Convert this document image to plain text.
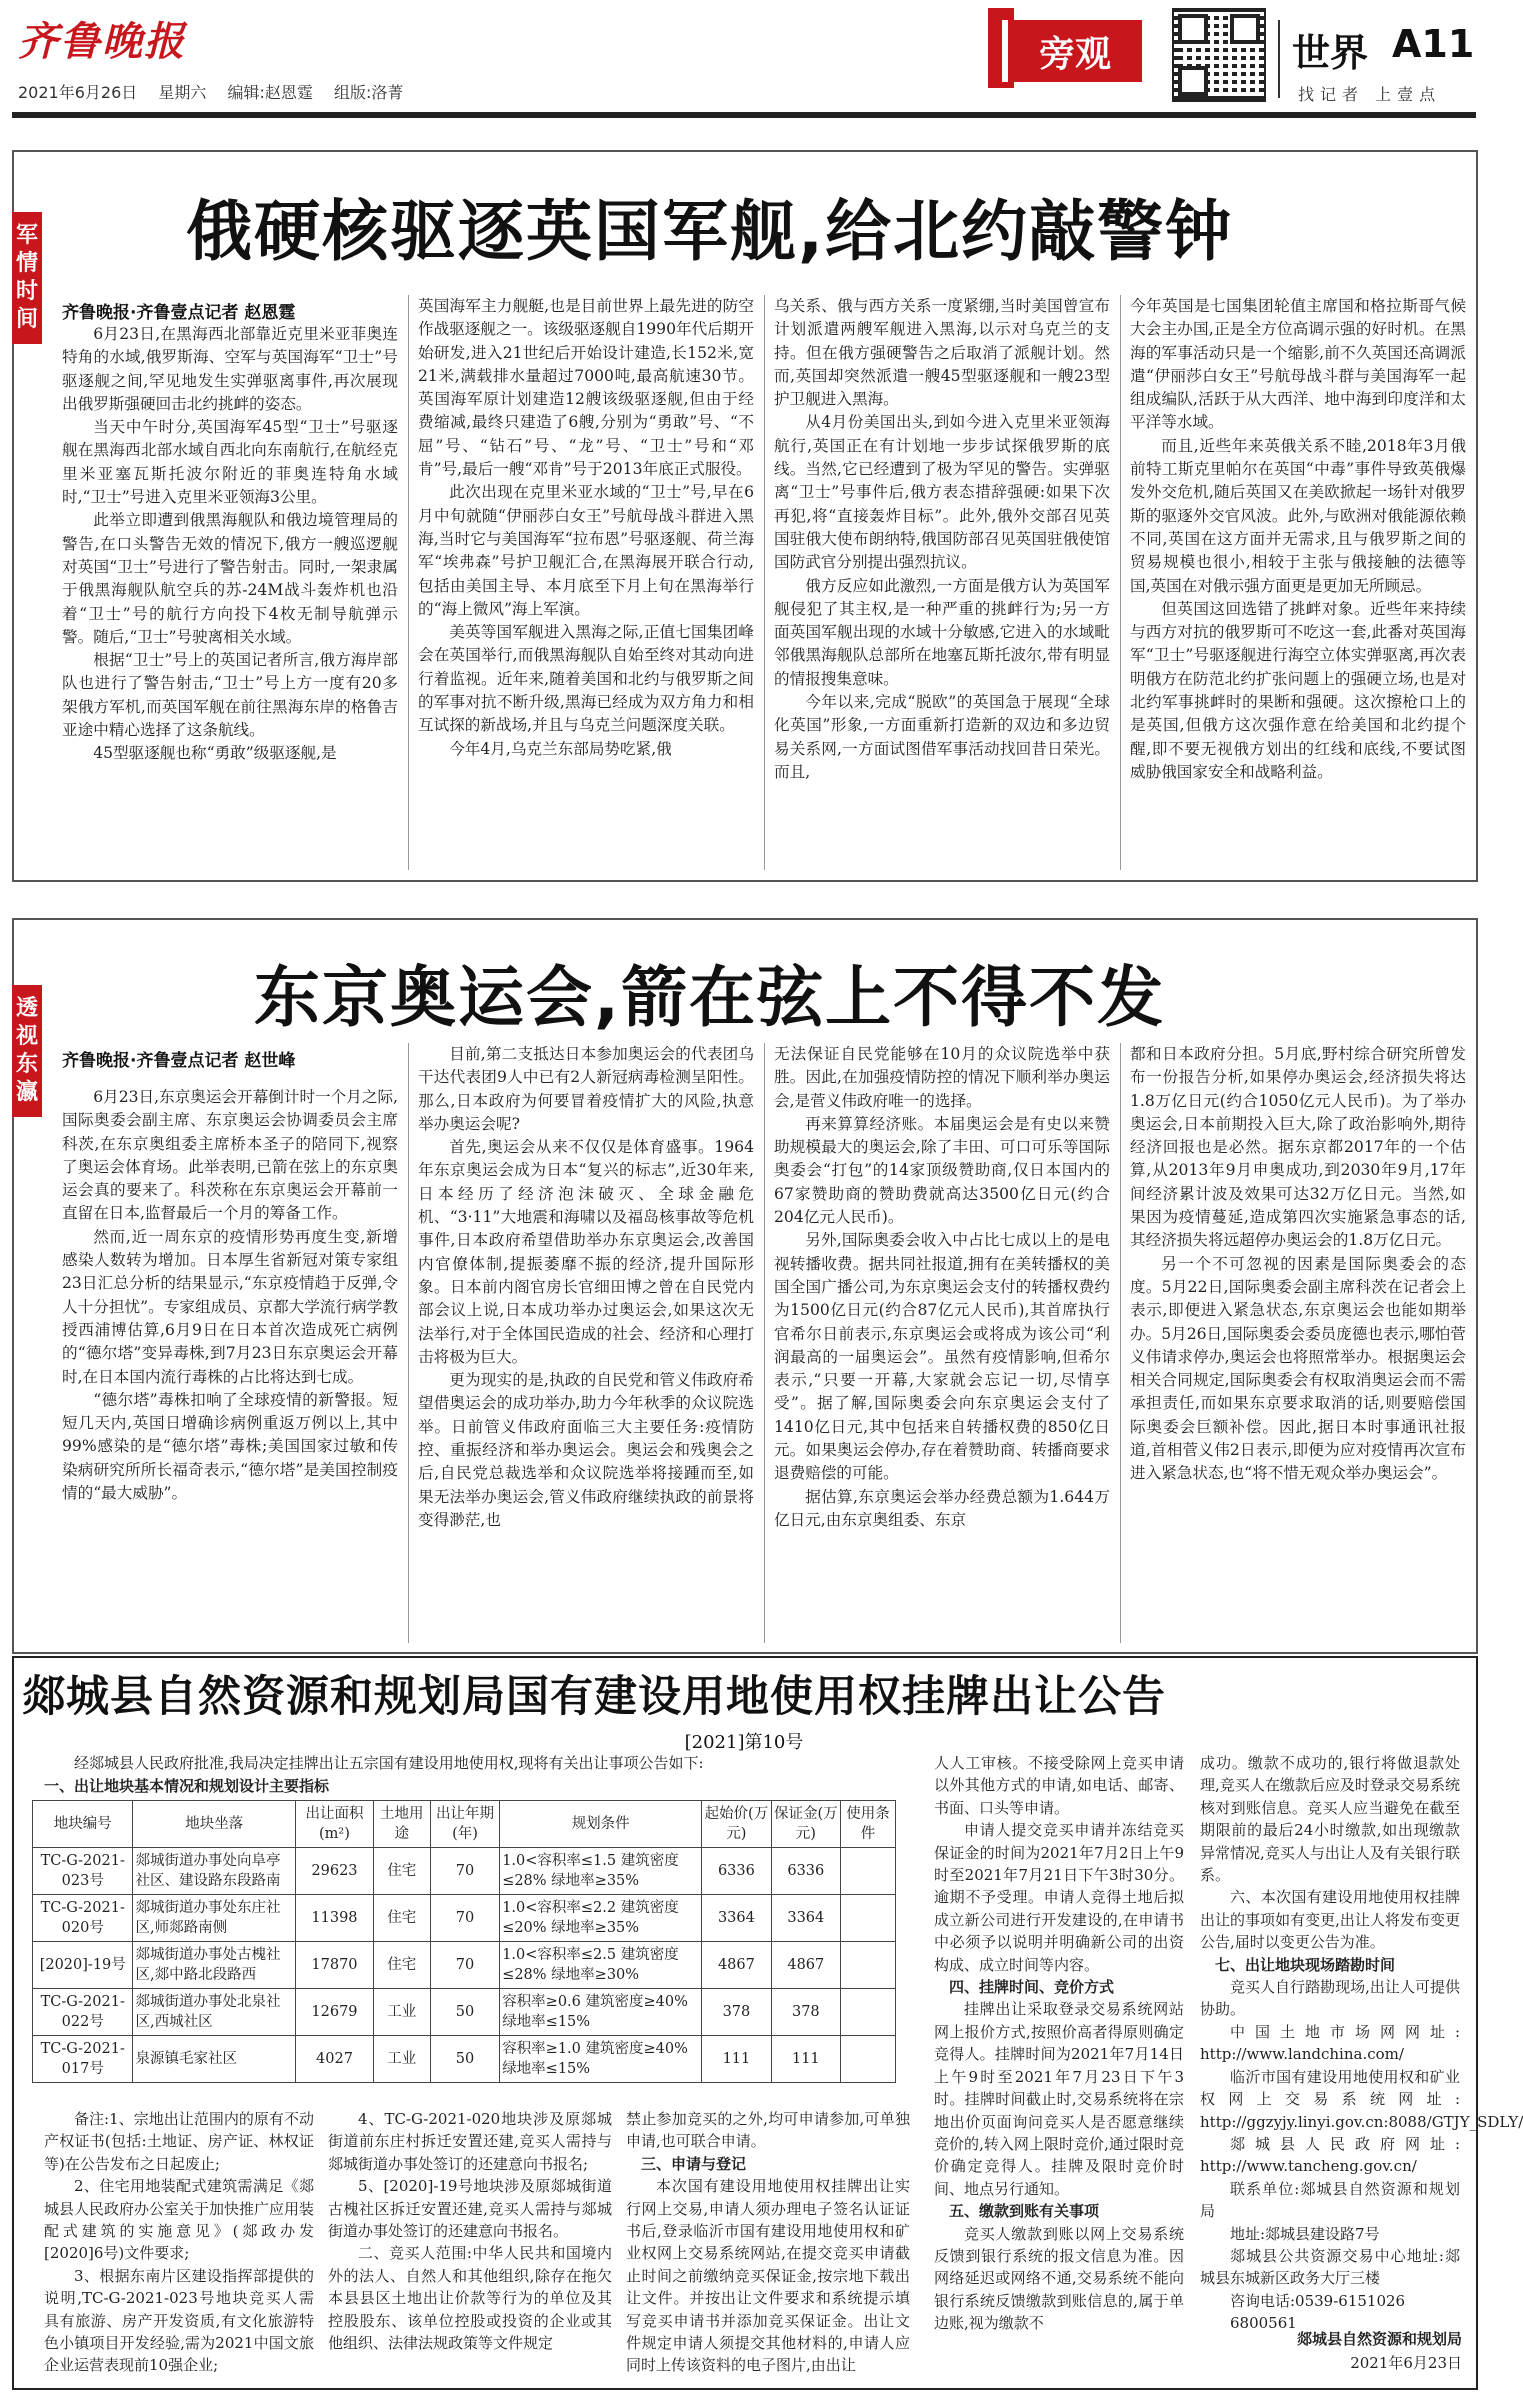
齐鲁晚报
2021年6月26日 星期六 编辑:赵恩霆 组版:洛菁
旁观	世界 A11
找记者 上壹点
军情时间
俄硬核驱逐英国军舰,给北约敲警钟
齐鲁晚报·齐鲁壹点记者 赵恩霆

6月23日,在黑海西北部靠近克里米亚菲奥连特角的水域,俄罗斯海、空军与英国海军“卫士”号驱逐舰之间,罕见地发生实弹驱离事件,再次展现出俄罗斯强硬回击北约挑衅的姿态。

当天中午时分,英国海军45型“卫士”号驱逐舰在黑海西北部水域自西北向东南航行,在航经克里米亚塞瓦斯托波尔附近的菲奥连特角水域时,“卫士”号进入克里米亚领海3公里。

此举立即遭到俄黑海舰队和俄边境管理局的警告,在口头警告无效的情况下,俄方一艘巡逻舰对英国“卫士”号进行了警告射击。同时,一架隶属于俄黑海舰队航空兵的苏-24M战斗轰炸机也沿着“卫士”号的航行方向投下4枚无制导航弹示警。随后,“卫士”号驶离相关水域。

根据“卫士”号上的英国记者所言,俄方海岸部队也进行了警告射击,“卫士”号上方一度有20多架俄方军机,而英国军舰在前往黑海东岸的格鲁吉亚途中精心选择了这条航线。

45型驱逐舰也称“勇敢”级驱逐舰,是

英国海军主力舰艇,也是目前世界上最先进的防空作战驱逐舰之一。该级驱逐舰自1990年代后期开始研发,进入21世纪后开始设计建造,长152米,宽21米,满载排水量超过7000吨,最高航速30节。英国海军原计划建造12艘该级驱逐舰,但由于经费缩减,最终只建造了6艘,分别为“勇敢”号、“不屈”号、“钻石”号、“龙”号、“卫士”号和“邓肯”号,最后一艘“邓肯”号于2013年底正式服役。

此次出现在克里米亚水域的“卫士”号,早在6月中旬就随“伊丽莎白女王”号航母战斗群进入黑海,当时它与美国海军“拉布恩”号驱逐舰、荷兰海军“埃弗森”号护卫舰汇合,在黑海展开联合行动,包括由美国主导、本月底至下月上旬在黑海举行的“海上微风”海上军演。

美英等国军舰进入黑海之际,正值七国集团峰会在英国举行,而俄黑海舰队自始至终对其动向进行着监视。近年来,随着美国和北约与俄罗斯之间的军事对抗不断升级,黑海已经成为双方角力和相互试探的新战场,并且与乌克兰问题深度关联。

今年4月,乌克兰东部局势吃紧,俄

乌关系、俄与西方关系一度紧绷,当时美国曾宣布计划派遣两艘军舰进入黑海,以示对乌克兰的支持。但在俄方强硬警告之后取消了派舰计划。然而,英国却突然派遣一艘45型驱逐舰和一艘23型护卫舰进入黑海。

从4月份美国出头,到如今进入克里米亚领海航行,英国正在有计划地一步步试探俄罗斯的底线。当然,它已经遭到了极为罕见的警告。实弹驱离“卫士”号事件后,俄方表态措辞强硬:如果下次再犯,将“直接轰炸目标”。此外,俄外交部召见英国驻俄大使布朗纳特,俄国防部召见英国驻俄使馆国防武官分别提出强烈抗议。

俄方反应如此激烈,一方面是俄方认为英国军舰侵犯了其主权,是一种严重的挑衅行为;另一方面英国军舰出现的水域十分敏感,它进入的水域毗邻俄黑海舰队总部所在地塞瓦斯托波尔,带有明显的情报搜集意味。

今年以来,完成“脱欧”的英国急于展现“全球化英国”形象,一方面重新打造新的双边和多边贸易关系网,一方面试图借军事活动找回昔日荣光。而且,

今年英国是七国集团轮值主席国和格拉斯哥气候大会主办国,正是全方位高调示强的好时机。在黑海的军事活动只是一个缩影,前不久英国还高调派遣“伊丽莎白女王”号航母战斗群与美国海军一起组成编队,活跃于从大西洋、地中海到印度洋和太平洋等水域。

而且,近些年来英俄关系不睦,2018年3月俄前特工斯克里帕尔在英国“中毒”事件导致英俄爆发外交危机,随后英国又在美欧掀起一场针对俄罗斯的驱逐外交官风波。此外,与欧洲对俄能源依赖不同,英国在这方面并无需求,且与俄罗斯之间的贸易规模也很小,相较于主张与俄接触的法德等国,英国在对俄示强方面更是更加无所顾忌。

但英国这回选错了挑衅对象。近些年来持续与西方对抗的俄罗斯可不吃这一套,此番对英国海军“卫士”号驱逐舰进行海空立体实弹驱离,再次表明俄方在防范北约扩张问题上的强硬立场,也是对北约军事挑衅时的果断和强硬。这次擦枪口上的是英国,但俄方这次强作意在给美国和北约提个醒,即不要无视俄方划出的红线和底线,不要试图威胁俄国家安全和战略利益。

透视东瀛
东京奥运会,箭在弦上不得不发
齐鲁晚报·齐鲁壹点记者 赵世峰

6月23日,东京奥运会开幕倒计时一个月之际,国际奥委会副主席、东京奥运会协调委员会主席科茨,在东京奥组委主席桥本圣子的陪同下,视察了奥运会体育场。此举表明,已箭在弦上的东京奥运会真的要来了。科茨称在东京奥运会开幕前一直留在日本,监督最后一个月的筹备工作。

然而,近一周东京的疫情形势再度生变,新增感染人数转为增加。日本厚生省新冠对策专家组23日汇总分析的结果显示,“东京疫情趋于反弹,令人十分担忧”。专家组成员、京都大学流行病学教授西浦博估算,6月9日在日本首次造成死亡病例的“德尔塔”变异毒株,到7月23日东京奥运会开幕时,在日本国内流行毒株的占比将达到七成。

“德尔塔”毒株扣响了全球疫情的新警报。短短几天内,英国日增确诊病例重返万例以上,其中99%感染的是“德尔塔”毒株;美国国家过敏和传染病研究所所长福奇表示,“德尔塔”是美国控制疫情的“最大威胁”。

目前,第二支抵达日本参加奥运会的代表团乌干达代表团9人中已有2人新冠病毒检测呈阳性。那么,日本政府为何要冒着疫情扩大的风险,执意举办奥运会呢?

首先,奥运会从来不仅仅是体育盛事。1964年东京奥运会成为日本“复兴的标志”,近30年来,日本经历了经济泡沫破灭、全球金融危机、“3·11”大地震和海啸以及福岛核事故等危机事件,日本政府希望借助举办东京奥运会,改善国内官僚体制,提振萎靡不振的经济,提升国际形象。日本前内阁官房长官细田博之曾在自民党内部会议上说,日本成功举办过奥运会,如果这次无法举行,对于全体国民造成的社会、经济和心理打击将极为巨大。

更为现实的是,执政的自民党和管义伟政府希望借奥运会的成功举办,助力今年秋季的众议院选举。日前管义伟政府面临三大主要任务:疫情防控、重振经济和举办奥运会。奥运会和残奥会之后,自民党总裁选举和众议院选举将接踵而至,如果无法举办奥运会,管义伟政府继续执政的前景将变得渺茫,也

无法保证自民党能够在10月的众议院选举中获胜。因此,在加强疫情防控的情况下顺利举办奥运会,是菅义伟政府唯一的选择。

再来算算经济账。本届奥运会是有史以来赞助规模最大的奥运会,除了丰田、可口可乐等国际奥委会“打包”的14家顶级赞助商,仅日本国内的67家赞助商的赞助费就高达3500亿日元(约合204亿元人民币)。

另外,国际奥委会收入中占比七成以上的是电视转播收费。据共同社报道,拥有在美转播权的美国全国广播公司,为东京奥运会支付的转播权费约为1500亿日元(约合87亿元人民币),其首席执行官希尔日前表示,东京奥运会或将成为该公司“利润最高的一届奥运会”。虽然有疫情影响,但希尔表示,“只要一开幕,大家就会忘记一切,尽情享受”。据了解,国际奥委会向东京奥运会支付了1410亿日元,其中包括来自转播权费的850亿日元。如果奥运会停办,存在着赞助商、转播商要求退费赔偿的可能。

据估算,东京奥运会举办经费总额为1.644万亿日元,由东京奥组委、东京

都和日本政府分担。5月底,野村综合研究所曾发布一份报告分析,如果停办奥运会,经济损失将达1.8万亿日元(约合1050亿元人民币)。为了举办奥运会,日本前期投入巨大,除了政治影响外,期待经济回报也是必然。据东京都2017年的一个估算,从2013年9月申奥成功,到2030年9月,17年间经济累计波及效果可达32万亿日元。当然,如果因为疫情蔓延,造成第四次实施紧急事态的话,其经济损失将远超停办奥运会的1.8万亿日元。

另一个不可忽视的因素是国际奥委会的态度。5月22日,国际奥委会副主席科茨在记者会上表示,即便进入紧急状态,东京奥运会也能如期举办。5月26日,国际奥委会委员庞德也表示,哪怕菅义伟请求停办,奥运会也将照常举办。根据奥运会相关合同规定,国际奥委会有权取消奥运会而不需承担责任,而如果东京要求取消的话,则要赔偿国际奥委会巨额补偿。因此,据日本时事通讯社报道,首相菅义伟2日表示,即便为应对疫情再次宣布进入紧急状态,也“将不惜无观众举办奥运会”。

郯城县自然资源和规划局国有建设用地使用权挂牌出让公告
[2021]第10号

经郯城县人民政府批准,我局决定挂牌出让五宗国有建设用地使用权,现将有关出让事项公告如下:

一、出让地块基本情况和规划设计主要指标
地块编号	地块坐落	出让面积(m²)	土地用途	出让年期(年)	规划条件	起始价(万元)	保证金(万元)	使用条件
TC-G-2021-023号	郯城街道办事处向阜亭社区、建设路东段路南	29623	住宅	70	1.0<容积率≤1.5 建筑密度≤28% 绿地率≥35%	6336	6336	
TC-G-2021-020号	郯城街道办事处东庄社区,师郯路南侧	11398	住宅	70	1.0<容积率≤2.2 建筑密度≤20% 绿地率≥35%	3364	3364	
[2020]-19号	郯城街道办事处古槐社区,郯中路北段路西	17870	住宅	70	1.0<容积率≤2.5 建筑密度≤28% 绿地率≥30%	4867	4867	
TC-G-2021-022号	郯城街道办事处北泉社区,西城社区	12679	工业	50	容积率≥0.6 建筑密度≥40% 绿地率≤15%	378	378	
TC-G-2021-017号	泉源镇毛家社区	4027	工业	50	容积率≥1.0 建筑密度≥40% 绿地率≤15%	111	111	

备注:1、宗地出让范围内的原有不动产权证书(包括:土地证、房产证、林权证等)在公告发布之日起废止;

2、住宅用地装配式建筑需满足《郯城县人民政府办公室关于加快推广应用装配式建筑的实施意见》(郯政办发[2020]6号)文件要求;

3、根据东南片区建设指挥部提供的说明,TC-G-2021-023号地块竞买人需具有旅游、房产开发资质,有文化旅游特色小镇项目开发经验,需为2021中国文旅企业运营表现前10强企业;

4、TC-G-2021-020地块涉及原郯城街道前东庄村拆迁安置还建,竞买人需持与郯城街道办事处签订的还建意向书报名;

5、[2020]-19号地块涉及原郯城街道古槐社区拆迁安置还建,竞买人需持与郯城街道办事处签订的还建意向书报名。

二、竞买人范围:中华人民共和国境内外的法人、自然人和其他组织,除存在拖欠本县县区土地出让价款等行为的单位及其控股股东、该单位控股或投资的企业或其他组织、法律法规政策等文件规定

禁止参加竞买的之外,均可申请参加,可单独申请,也可联合申请。

三、申请与登记

本次国有建设用地使用权挂牌出让实行网上交易,申请人须办理电子签名认证证书后,登录临沂市国有建设用地使用权和矿业权网上交易系统网站,在提交竞买申请截止时间之前缴纳竞买保证金,按宗地下载出让文件。并按出让文件要求和系统提示填写竞买申请书并添加竞买保证金。出让文件规定申请人须提交其他材料的,申请人应同时上传该资料的电子图片,由出让

人人工审核。不接受除网上竞买申请以外其他方式的申请,如电话、邮寄、书面、口头等申请。

申请人提交竞买申请并冻结竞买保证金的时间为2021年7月2日上午9时至2021年7月21日下午3时30分。逾期不予受理。申请人竞得土地后拟成立新公司进行开发建设的,在申请书中必须予以说明并明确新公司的出资构成、成立时间等内容。

四、挂牌时间、竞价方式

挂牌出让采取登录交易系统网站网上报价方式,按照价高者得原则确定竞得人。挂牌时间为2021年7月14日上午9时至2021年7月23日下午3时。挂牌时间截止时,交易系统将在宗地出价页面询问竞买人是否愿意继续竞价的,转入网上限时竞价,通过限时竞价确定竞得人。挂牌及限时竞价时间、地点另行通知。

五、缴款到账有关事项

竞买人缴款到账以网上交易系统反馈到银行系统的报文信息为准。因网络延迟或网络不通,交易系统不能向银行系统反馈缴款到账信息的,属于单边账,视为缴款不

成功。缴款不成功的,银行将做退款处理,竞买人在缴款后应及时登录交易系统核对到账信息。竞买人应当避免在截至期限前的最后24小时缴款,如出现缴款异常情况,竞买人与出让人及有关银行联系。

六、本次国有建设用地使用权挂牌出让的事项如有变更,出让人将发布变更公告,届时以变更公告为准。

七、出让地块现场踏勘时间

竞买人自行踏勘现场,出让人可提供协助。

中国土地市场网网址: http://www.landchina.com/

临沂市国有建设用地使用权和矿业权网上交易系统网址: http://ggzyjy.linyi.gov.cn:8088/GTJY_SDLY/

郯城县人民政府网址: http://www.tancheng.gov.cn/

联系单位:郯城县自然资源和规划局

地址:郯城县建设路7号

郯城县公共资源交易中心地址:郯城县东城新区政务大厅三楼

咨询电话:0539-6151026

6800561

郯城县自然资源和规划局
2021年6月23日
